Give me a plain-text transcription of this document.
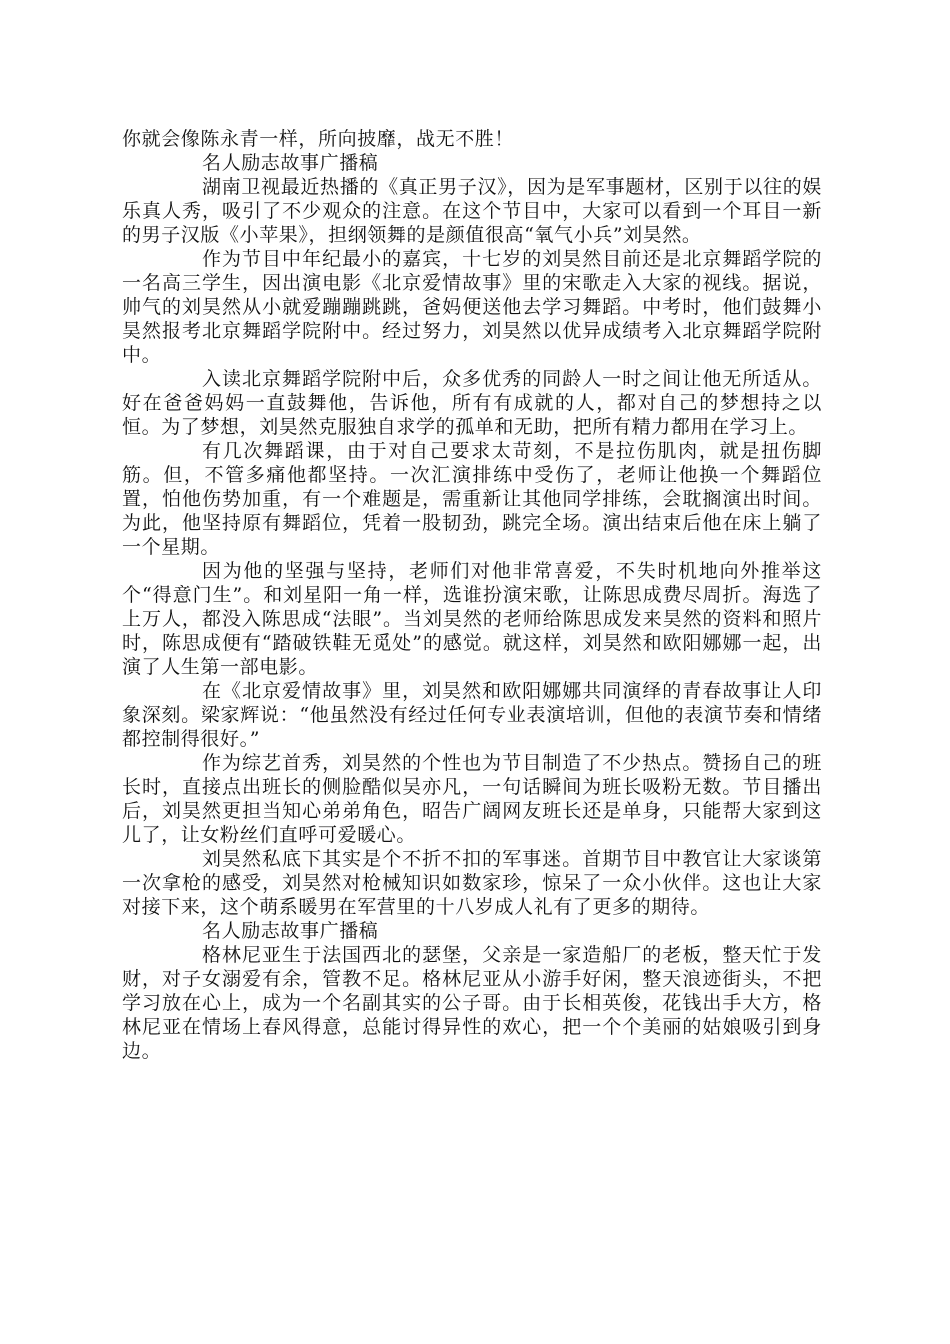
你就会像陈永青一样，所向披靡，战无不胜！

名人励志故事广播稿

湖南卫视最近热播的《真正男子汉》，因为是军事题材，区别于以往的娱乐真人秀，吸引了不少观众的注意。在这个节目中，大家可以看到一个耳目一新的男子汉版《小苹果》，担纲领舞的是颜值很高“氧气小兵”刘昊然。

作为节目中年纪最小的嘉宾，十七岁的刘昊然目前还是北京舞蹈学院的一名高三学生，因出演电影《北京爱情故事》里的宋歌走入大家的视线。据说，帅气的刘昊然从小就爱蹦蹦跳跳，爸妈便送他去学习舞蹈。中考时，他们鼓舞小昊然报考北京舞蹈学院附中。经过努力，刘昊然以优异成绩考入北京舞蹈学院附中。

入读北京舞蹈学院附中后，众多优秀的同龄人一时之间让他无所适从。好在爸爸妈妈一直鼓舞他，告诉他，所有有成就的人，都对自己的梦想持之以恒。为了梦想，刘昊然克服独自求学的孤单和无助，把所有精力都用在学习上。

有几次舞蹈课，由于对自己要求太苛刻，不是拉伤肌肉，就是扭伤脚筋。但，不管多痛他都坚持。一次汇演排练中受伤了，老师让他换一个舞蹈位置，怕他伤势加重，有一个难题是，需重新让其他同学排练，会耽搁演出时间。为此，他坚持原有舞蹈位，凭着一股韧劲，跳完全场。演出结束后他在床上躺了一个星期。

因为他的坚强与坚持，老师们对他非常喜爱，不失时机地向外推举这个“得意门生”。和刘星阳一角一样，选谁扮演宋歌，让陈思成费尽周折。海选了上万人，都没入陈思成“法眼”。当刘昊然的老师给陈思成发来昊然的资料和照片时，陈思成便有“踏破铁鞋无觅处”的感觉。就这样，刘昊然和欧阳娜娜一起，出演了人生第一部电影。

在《北京爱情故事》里，刘昊然和欧阳娜娜共同演绎的青春故事让人印象深刻。梁家辉说：“他虽然没有经过任何专业表演培训，但他的表演节奏和情绪都控制得很好。”

作为综艺首秀，刘昊然的个性也为节目制造了不少热点。赞扬自己的班长时，直接点出班长的侧脸酷似吴亦凡，一句话瞬间为班长吸粉无数。节目播出后，刘昊然更担当知心弟弟角色，昭告广阔网友班长还是单身，只能帮大家到这儿了，让女粉丝们直呼可爱暖心。

刘昊然私底下其实是个不折不扣的军事迷。首期节目中教官让大家谈第一次拿枪的感受，刘昊然对枪械知识如数家珍，惊呆了一众小伙伴。这也让大家对接下来，这个萌系暖男在军营里的十八岁成人礼有了更多的期待。

名人励志故事广播稿

格林尼亚生于法国西北的瑟堡，父亲是一家造船厂的老板，整天忙于发财，对子女溺爱有余，管教不足。格林尼亚从小游手好闲，整天浪迹街头，不把学习放在心上，成为一个名副其实的公子哥。由于长相英俊，花钱出手大方，格林尼亚在情场上春风得意，总能讨得异性的欢心，把一个个美丽的姑娘吸引到身边。
